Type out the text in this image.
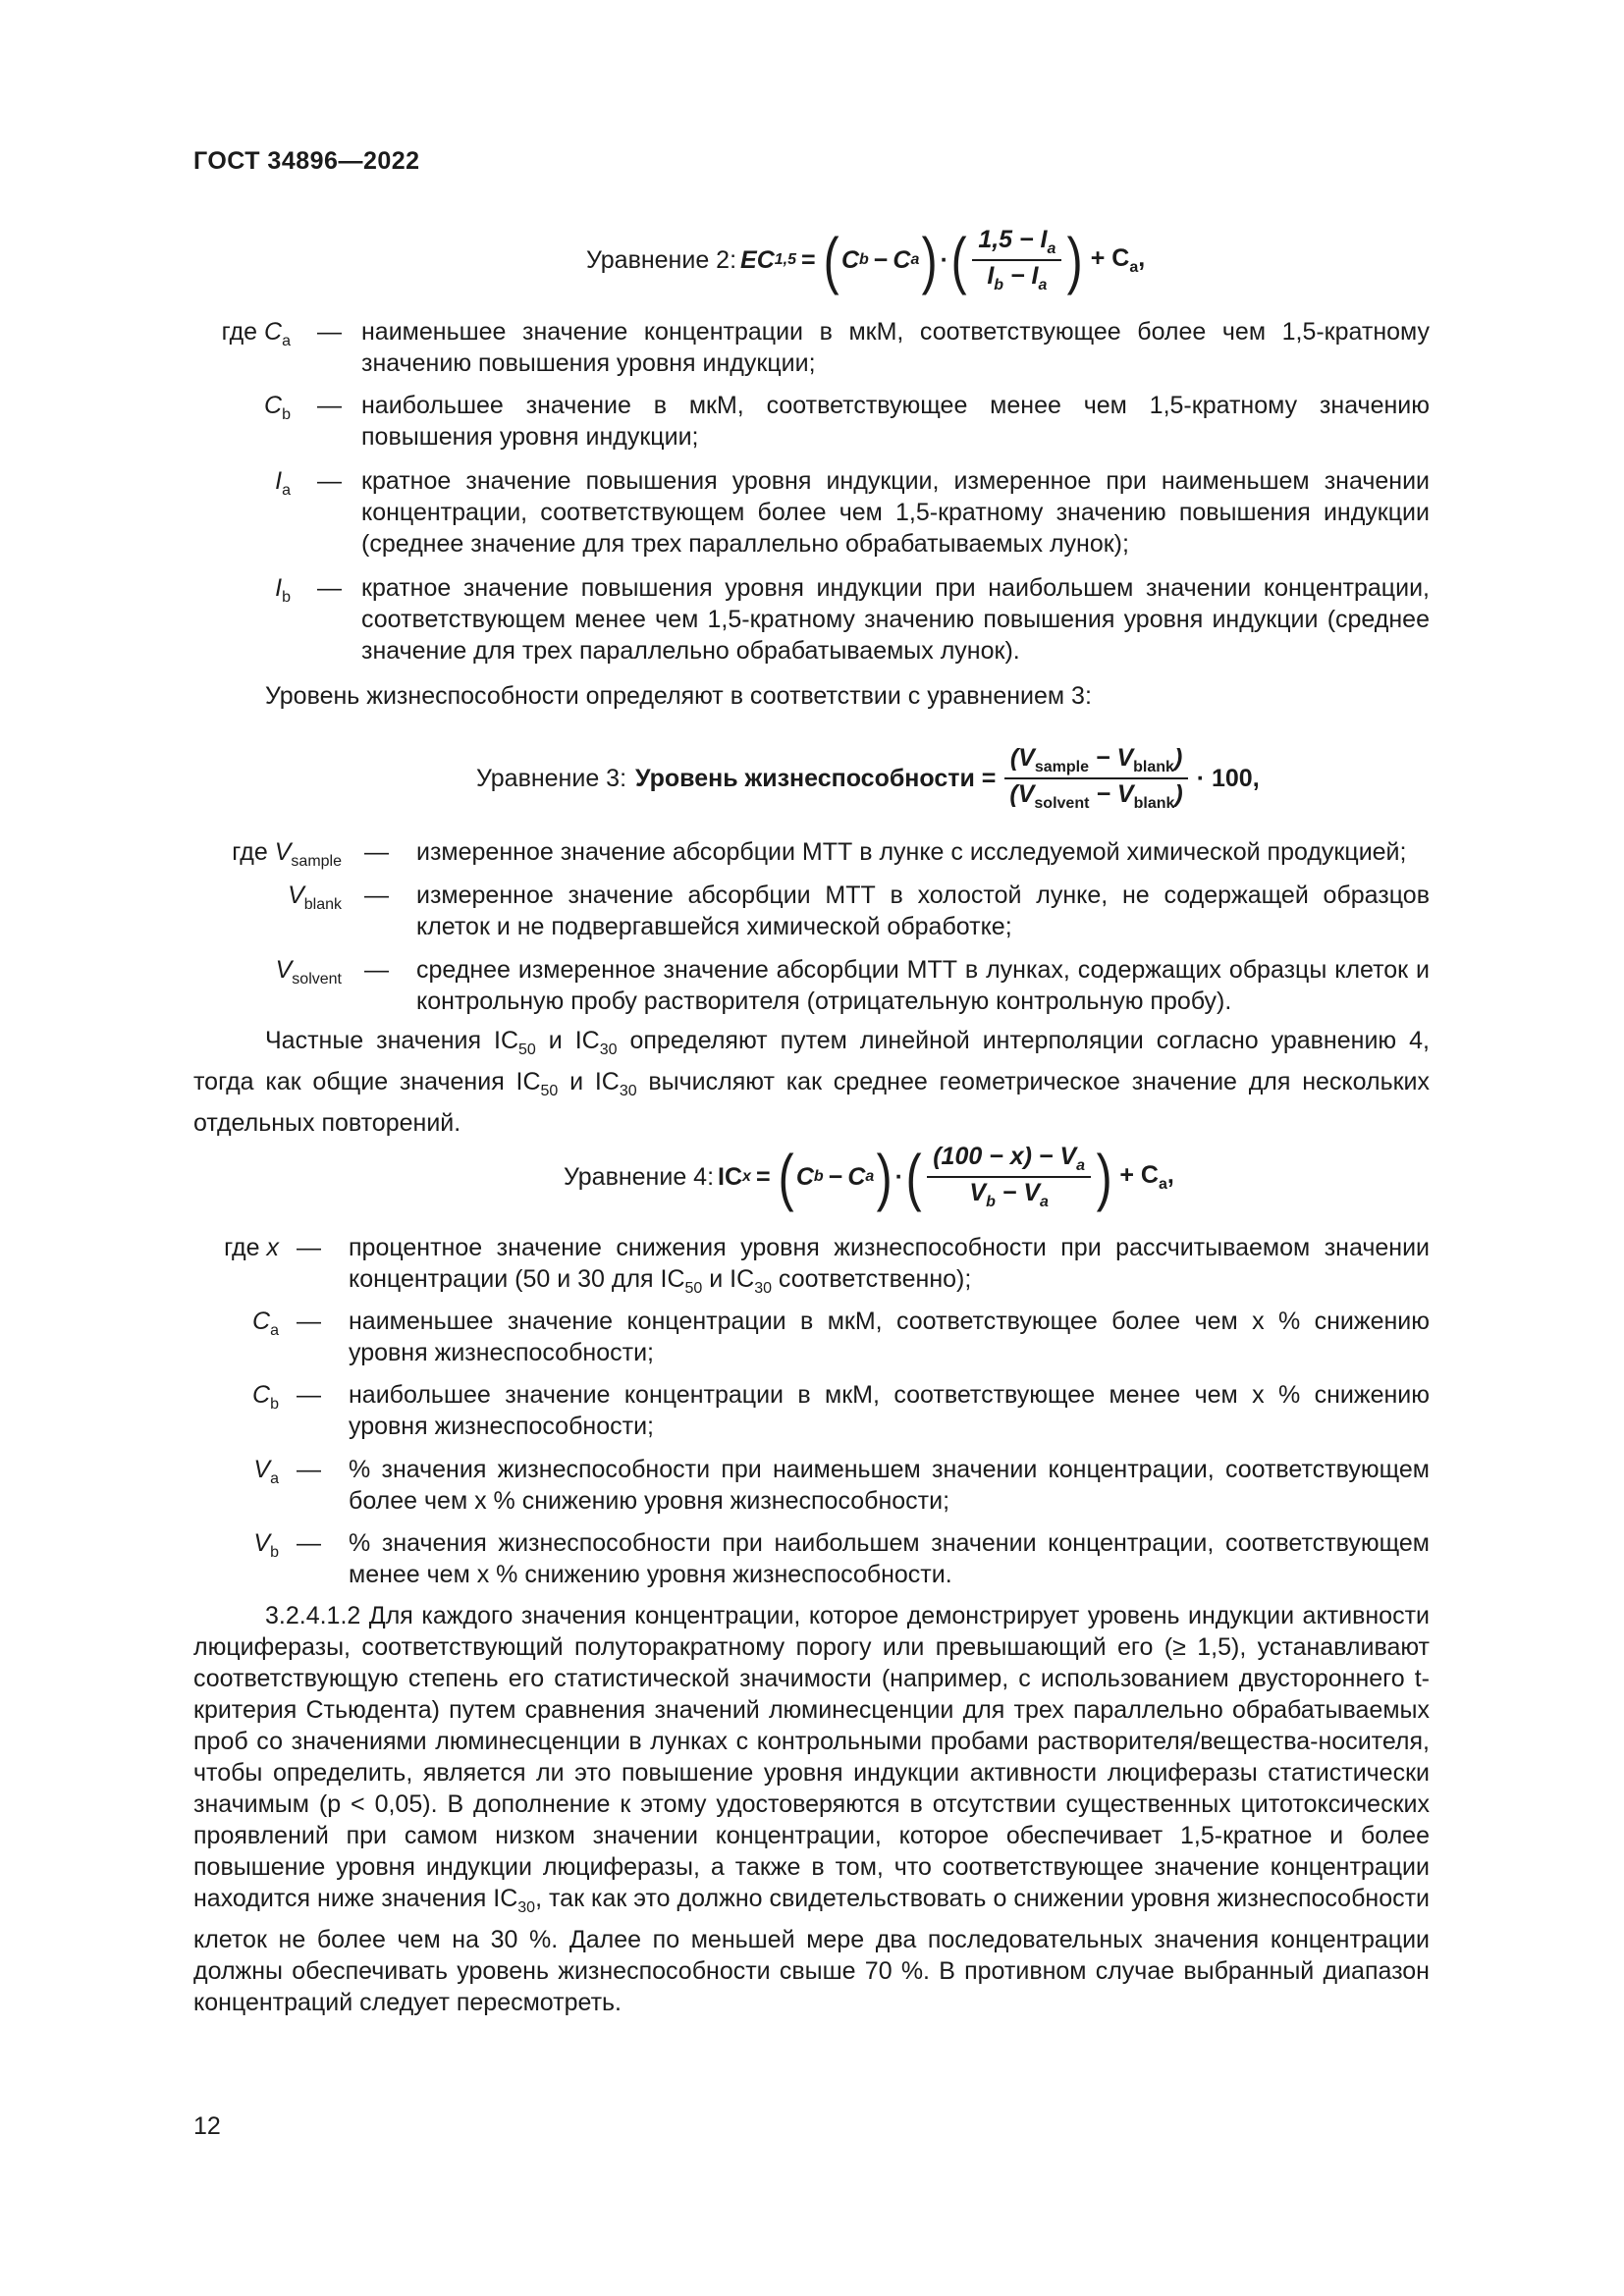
ГОСТ 34896—2022
Уравнение 2: EC 1,5 = ( C b − C a ) · ( $\frac{1,5 - I_a}{I_b - I_a}$ ) + $C_a$,
где $C_a$ — наименьшее значение концентрации в мкМ, соответствующее более чем 1,5-кратному значению повышения уровня индукции;
$C_b$ — наибольшее значение в мкМ, соответствующее менее чем 1,5-кратному значению повышения уровня индукции;
$I_a$ — кратное значение повышения уровня индукции, измеренное при наименьшем значении концентрации, соответствующем более чем 1,5-кратному значению повышения индукции (среднее значение для трех параллельно обрабатываемых лунок);
$I_b$ — кратное значение повышения уровня индукции при наибольшем значении концентрации, соответствующем менее чем 1,5-кратному значению повышения уровня индукции (среднее значение для трех параллельно обрабатываемых лунок).
Уровень жизнеспособности определяют в соответствии с уравнением 3:
Уравнение 3: Уровень жизнеспособности = $\frac{(V_{sample} - V_{blank})}{(V_{solvent} - V_{blank})} \cdot 100$,
где $V_{sample}$ — измеренное значение абсорбции МТТ в лунке с исследуемой химической продукцией;
$V_{blank}$ — измеренное значение абсорбции МТТ в холостой лунке, не содержащей образцов клеток и не подвергавшейся химической обработке;
$V_{solvent}$ — среднее измеренное значение абсорбции МТТ в лунках, содержащих образцы клеток и контрольную пробу растворителя (отрицательную контрольную пробу).
Частные значения $IC_{50}$ и $IC_{30}$ определяют путем линейной интерполяции согласно уравнению 4, тогда как общие значения $IC_{50}$ и $IC_{30}$ вычисляют как среднее геометрическое значение для нескольких отдельных повторений.
Уравнение 4: IC x = ( C b − C a ) · ( $\frac{(100 - x) - V_a}{V_b - V_a}$ ) + $C_a$,
где x — процентное значение снижения уровня жизнеспособности при рассчитываемом значении концентрации (50 и 30 для $IC_{50}$ и $IC_{30}$ соответственно);
$C_a$ — наименьшее значение концентрации в мкМ, соответствующее более чем x % снижению уровня жизнеспособности;
$C_b$ — наибольшее значение концентрации в мкМ, соответствующее менее чем x % снижению уровня жизнеспособности;
$V_a$ — % значения жизнеспособности при наименьшем значении концентрации, соответствующем более чем x % снижению уровня жизнеспособности;
$V_b$ — % значения жизнеспособности при наибольшем значении концентрации, соответствующем менее чем x % снижению уровня жизнеспособности.
3.2.4.1.2 Для каждого значения концентрации, которое демонстрирует уровень индукции активности люциферазы, соответствующий полуторакратному порогу или превышающий его (≥ 1,5), устанавливают соответствующую степень его статистической значимости (например, с использованием двустороннего t-критерия Стьюдента) путем сравнения значений люминесценции для трех параллельно обрабатываемых проб со значениями люминесценции в лунках с контрольными пробами растворителя/вещества-носителя, чтобы определить, является ли это повышение уровня индукции активности люциферазы статистически значимым (p < 0,05). В дополнение к этому удостоверяются в отсутствии существенных цитотоксических проявлений при самом низком значении концентрации, которое обеспечивает 1,5-кратное и более повышение уровня индукции люциферазы, а также в том, что соответствующее значение концентрации находится ниже значения $IC_{30}$, так как это должно свидетельствовать о снижении уровня жизнеспособности клеток не более чем на 30 %. Далее по меньшей мере два последовательных значения концентрации должны обеспечивать уровень жизнеспособности свыше 70 %. В противном случае выбранный диапазон концентраций следует пересмотреть.
12
